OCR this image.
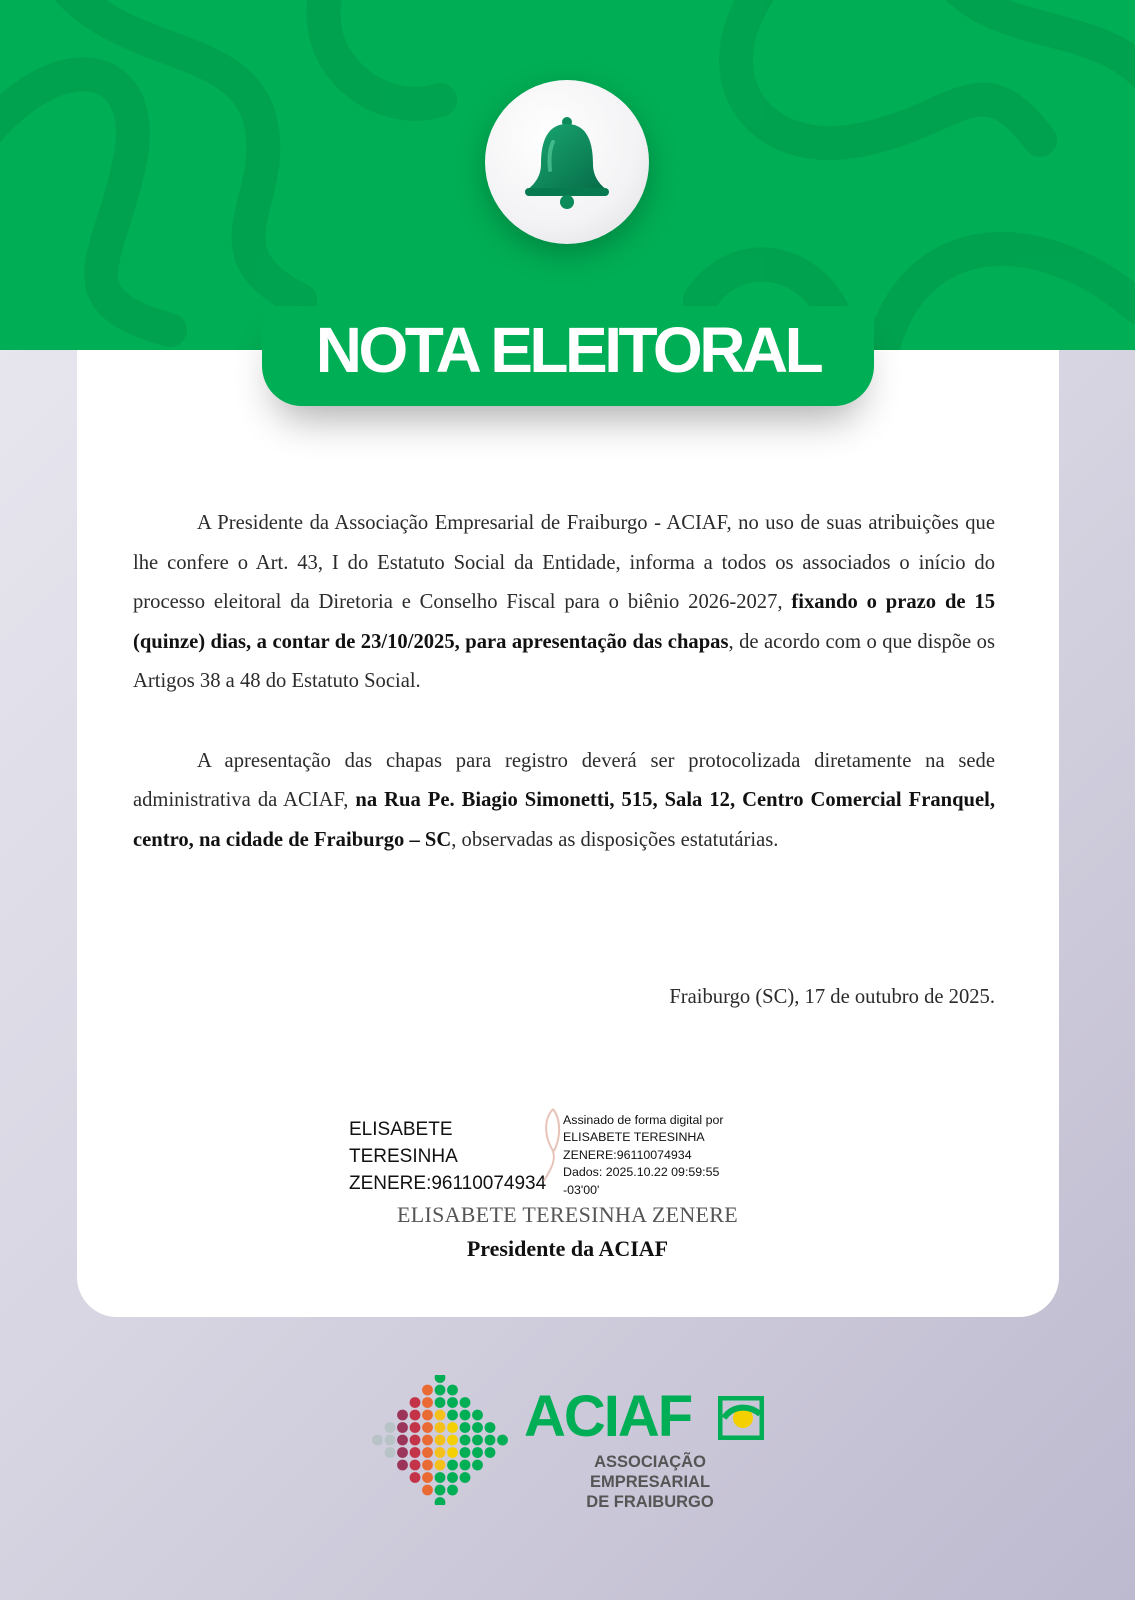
NOTA ELEITORAL

A Presidente da Associação Empresarial de Fraiburgo - ACIAF, no uso de suas atribuições que lhe confere o Art. 43, I do Estatuto Social da Entidade, informa a todos os associados o início do processo eleitoral da Diretoria e Conselho Fiscal para o biênio 2026-2027, fixando o prazo de 15 (quinze) dias, a contar de 23/10/2025, para apresentação das chapas, de acordo com o que dispõe os Artigos 38 a 48 do Estatuto Social.

A apresentação das chapas para registro deverá ser protocolizada diretamente na sede administrativa da ACIAF, na Rua Pe. Biagio Simonetti, 515, Sala 12, Centro Comercial Franquel, centro, na cidade de Fraiburgo – SC, observadas as disposições estatutárias.

Fraiburgo (SC), 17 de outubro de 2025.
ELISABETE
TERESINHA
ZENERE:96110074934
Assinado de forma digital por
ELISABETE TERESINHA
ZENERE:96110074934
Dados: 2025.10.22 09:59:55
-03'00'
ELISABETE TERESINHA ZENERE
Presidente da ACIAF
ACIAF
ASSOCIAÇÃO EMPRESARIAL
DE FRAIBURGO
